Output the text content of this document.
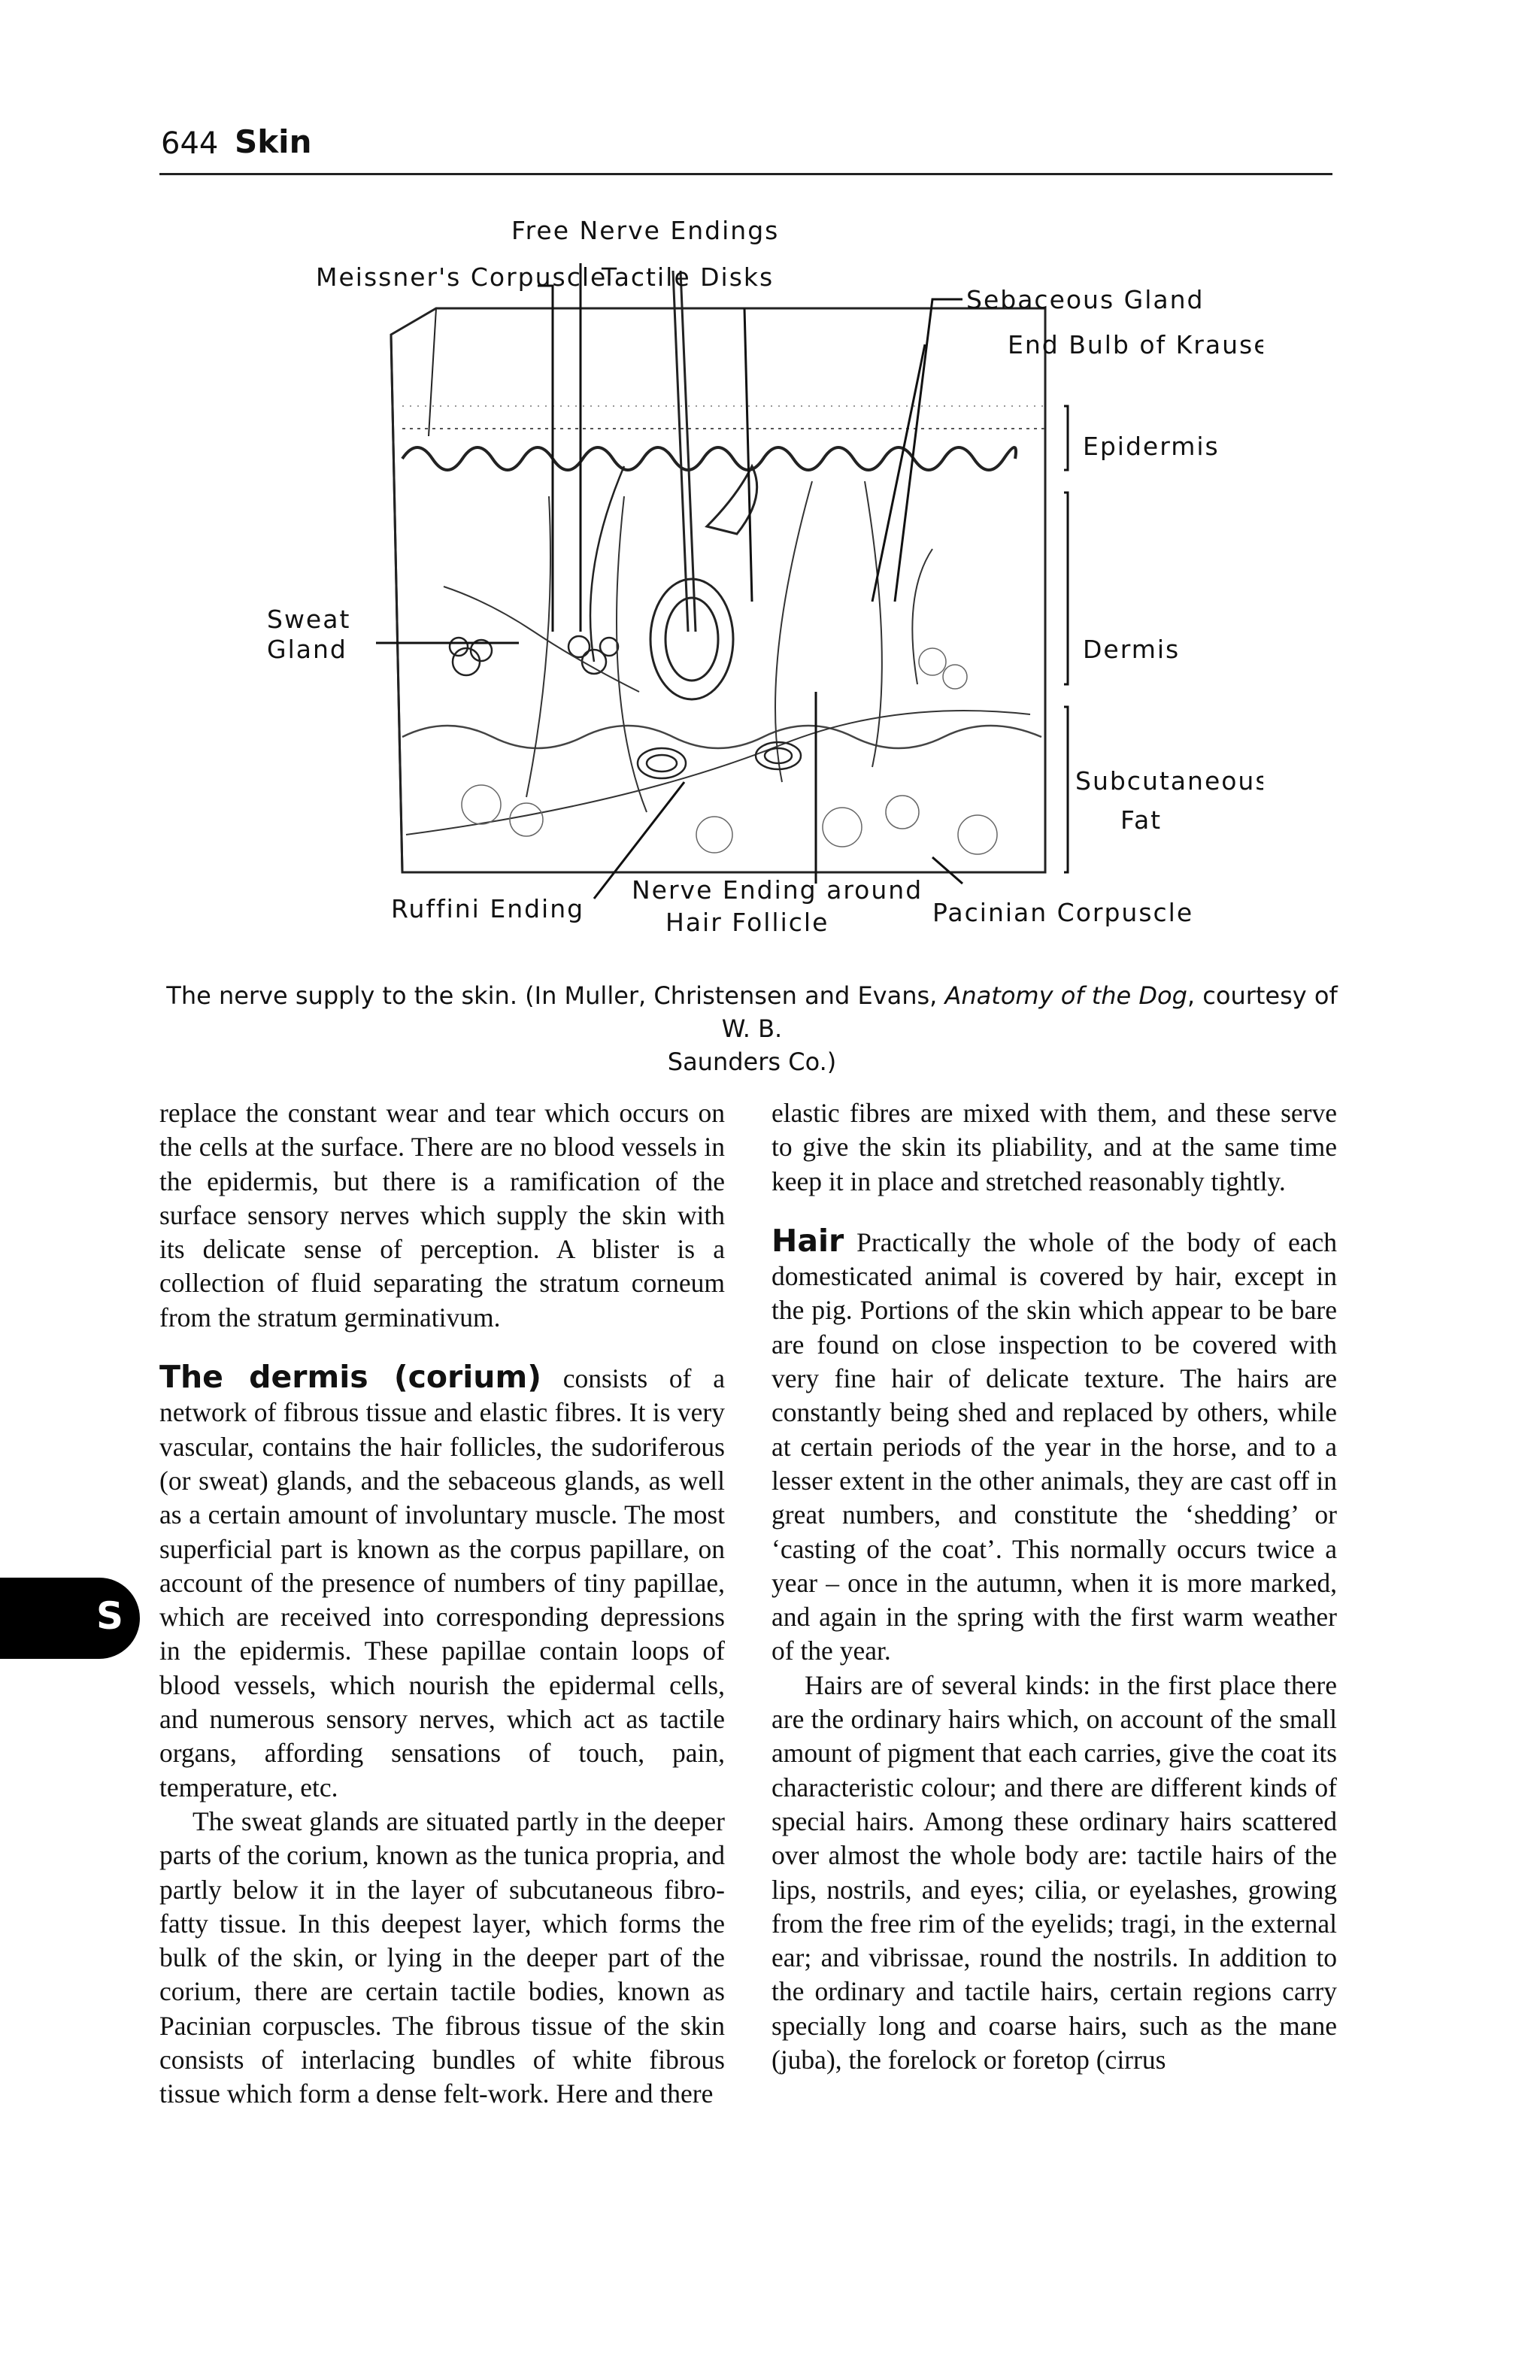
644 Skin
Free Nerve Endings
Meissner's Corpuscle
Tactile Disks
Sebaceous Gland
End Bulb of Krause
Epidermis
Sweat
Gland	Dermis
Subcutaneous
Fat
Ruffini Ending
Nerve Ending around
Hair Follicle	Pacinian Corpuscle
The nerve supply to the skin. (In Muller, Christensen and Evans, Anatomy of the Dog, courtesy of W. B.
Saunders Co.)
S

replace the constant wear and tear which occurs on the cells at the surface. There are no blood vessels in the epidermis, but there is a ramification of the surface sensory nerves which supply the skin with its delicate sense of perception. A blister is a collection of fluid separating the stratum corneum from the stratum germinativum.

The dermis (corium) consists of a network of fibrous tissue and elastic fibres. It is very vascular, contains the hair follicles, the sudoriferous (or sweat) glands, and the sebaceous glands, as well as a certain amount of involuntary muscle. The most superficial part is known as the corpus papillare, on account of the presence of numbers of tiny papillae, which are received into corresponding depressions in the epidermis. These papillae contain loops of blood vessels, which nourish the epidermal cells, and numerous sensory nerves, which act as tactile organs, affording sensations of touch, pain, temperature, etc.

The sweat glands are situated partly in the deeper parts of the corium, known as the tunica propria, and partly below it in the layer of subcutaneous fibro-fatty tissue. In this deepest layer, which forms the bulk of the skin, or lying in the deeper part of the corium, there are certain tactile bodies, known as Pacinian corpuscles. The fibrous tissue of the skin consists of interlacing bundles of white fibrous tissue which form a dense felt-work. Here and there

elastic fibres are mixed with them, and these serve to give the skin its pliability, and at the same time keep it in place and stretched reasonably tightly.

Hair Practically the whole of the body of each domesticated animal is covered by hair, except in the pig. Portions of the skin which appear to be bare are found on close inspection to be covered with very fine hair of delicate texture. The hairs are constantly being shed and replaced by others, while at certain periods of the year in the horse, and to a lesser extent in the other animals, they are cast off in great numbers, and constitute the ‘shedding’ or ‘casting of the coat’. This normally occurs twice a year – once in the autumn, when it is more marked, and again in the spring with the first warm weather of the year.

Hairs are of several kinds: in the first place there are the ordinary hairs which, on account of the small amount of pigment that each carries, give the coat its characteristic colour; and there are different kinds of special hairs. Among these ordinary hairs scattered over almost the whole body are: tactile hairs of the lips, nostrils, and eyes; cilia, or eyelashes, growing from the free rim of the eyelids; tragi, in the external ear; and vibrissae, round the nostrils. In addition to the ordinary and tactile hairs, certain regions carry specially long and coarse hairs, such as the mane (juba), the forelock or foretop (cirrus
